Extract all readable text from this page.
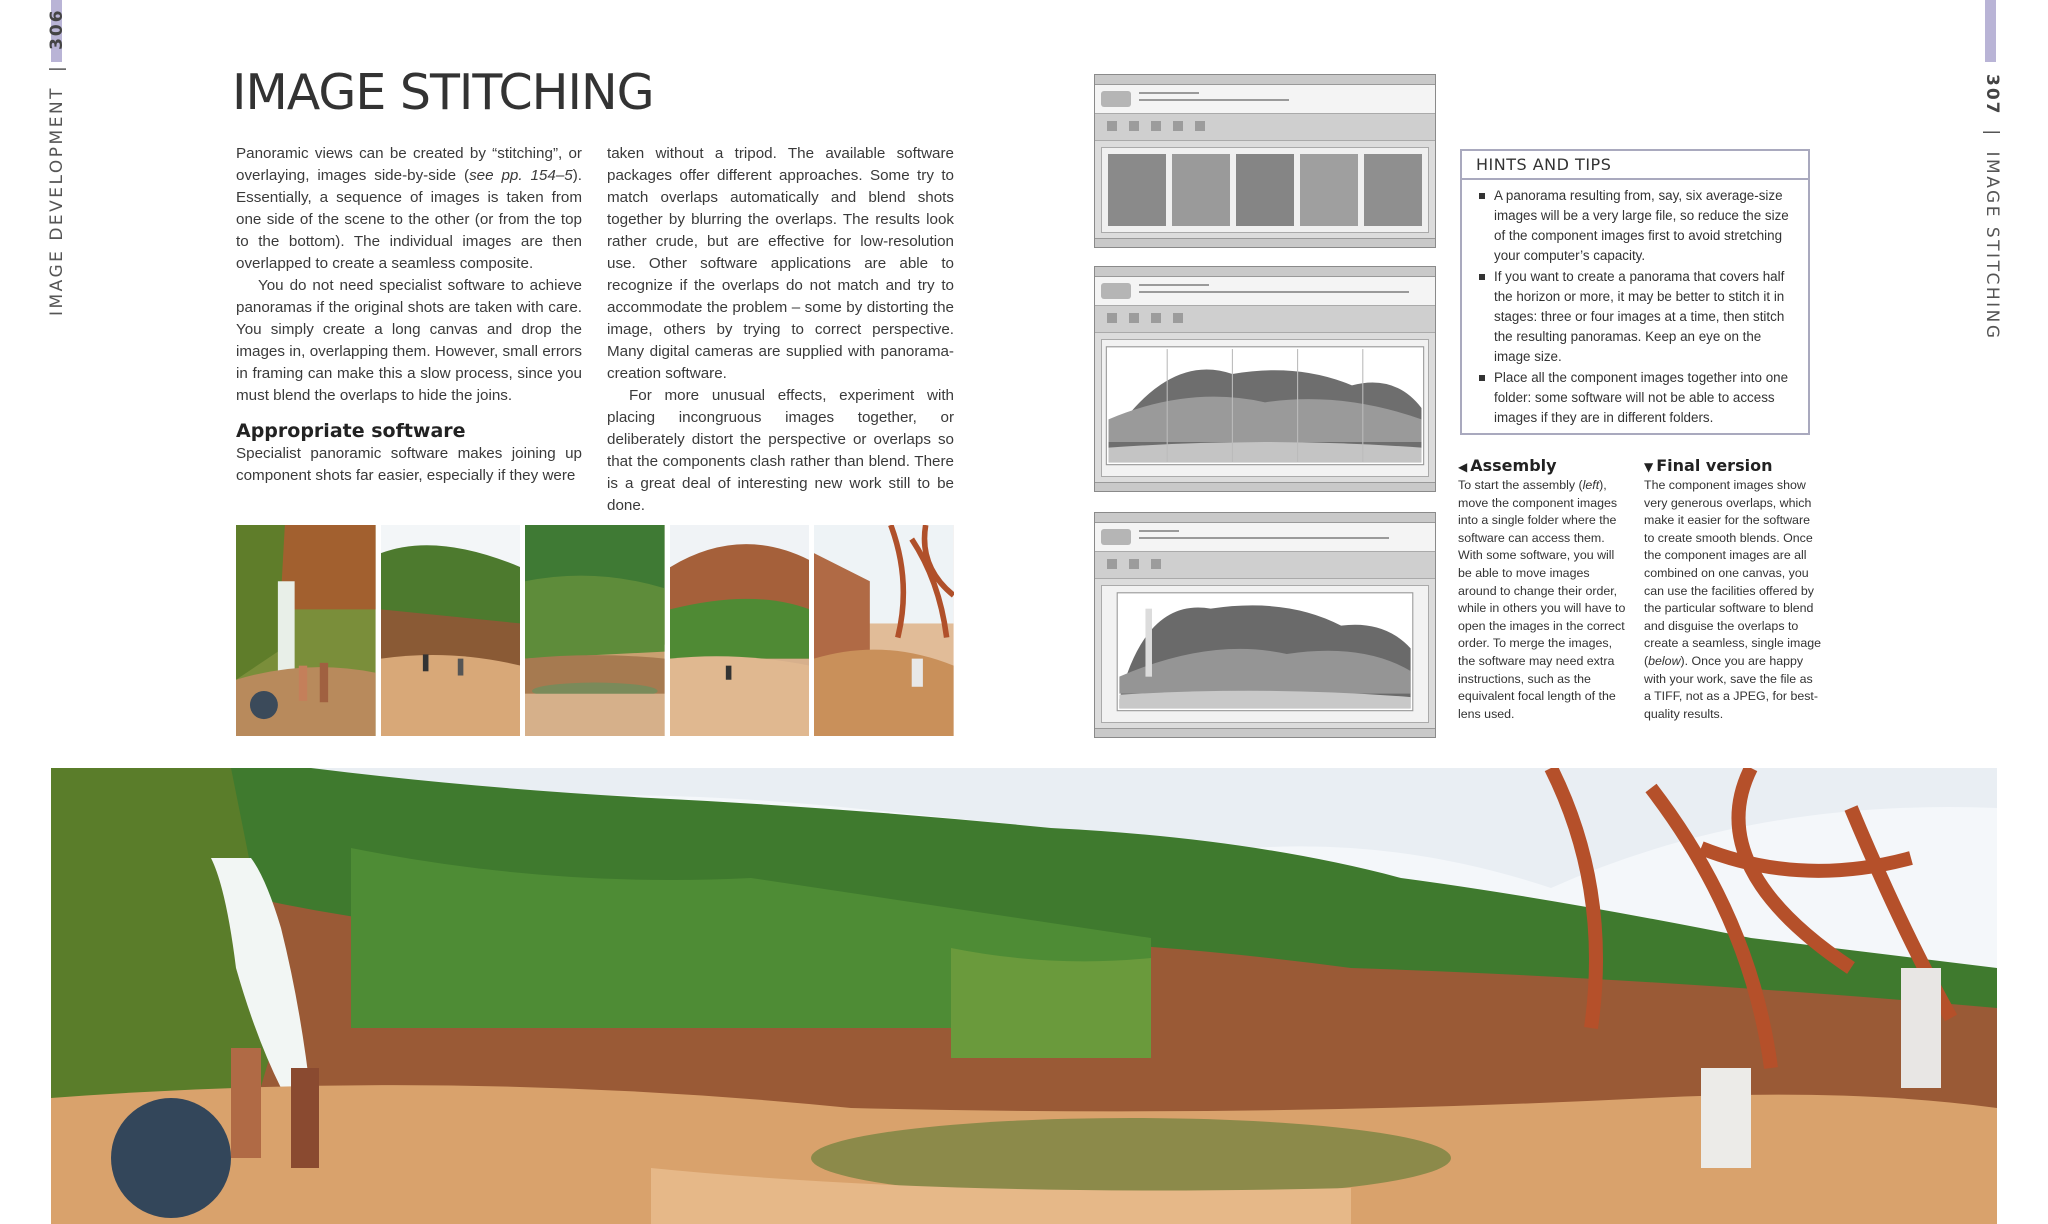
IMAGE DEVELOPMENT | 306
307 | IMAGE STITCHING
IMAGE STITCHING

Panoramic views can be created by “stitching”, or overlaying, images side-by-side (see pp. 154–5). Essentially, a sequence of images is taken from one side of the scene to the other (or from the top to the bottom). The individual images are then overlapped to create a seamless composite.

You do not need specialist software to achieve panoramas if the original shots are taken with care. You simply create a long canvas and drop the images in, overlapping them. However, small errors in framing can make this a slow process, since you must blend the overlaps to hide the joins.

Appropriate software

Specialist panoramic software makes joining up component shots far easier, especially if they were

taken without a tripod. The available software packages offer different approaches. Some try to match overlaps automatically and blend shots together by blurring the overlaps. The results look rather crude, but are effective for low-resolution use. Other software applications are able to recognize if the overlaps do not match and try to accommodate the problem – some by distorting the image, others by trying to correct perspective. Many digital cameras are supplied with panorama-creation software.

For more unusual effects, experiment with placing incongruous images together, or deliberately distort the perspective or overlaps so that the components clash rather than blend. There is a great deal of interesting new work still to be done.

HINTS AND TIPS
A panorama resulting from, say, six average-size images will be a very large file, so reduce the size of the component images first to avoid stretching your computer’s capacity.
If you want to create a panorama that covers half the horizon or more, it may be better to stitch it in stages: three or four images at a time, then stitch the resulting panoramas. Keep an eye on the image size.
Place all the component images together into one folder: some software will not be able to access images if they are in different folders.
◀ Assembly
To start the assembly (left), move the component images into a single folder where the software can access them. With some software, you will be able to move images around to change their order, while in others you will have to open the images in the correct order. To merge the images, the software may need extra instructions, such as the equivalent focal length of the lens used.
▼ Final version
The component images show very generous overlaps, which make it easier for the software to create smooth blends. Once the component images are all combined on one canvas, you can use the facilities offered by the particular software to blend and disguise the overlaps to create a seamless, single image (below). Once you are happy with your work, save the file as a TIFF, not as a JPEG, for best-quality results.
